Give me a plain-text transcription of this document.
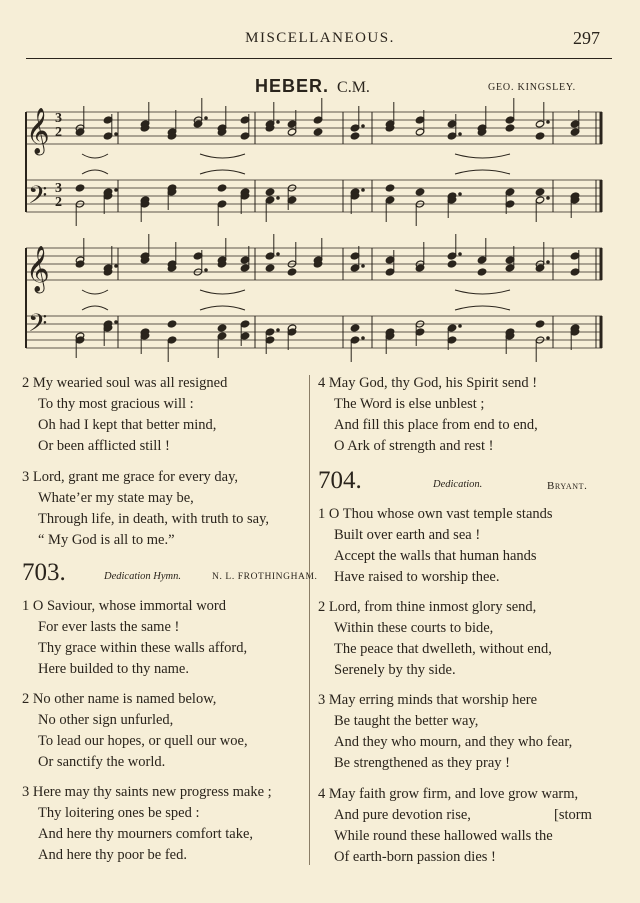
MISCELLANEOUS.	297
HEBER. C.M.	GEO. KINGSLEY.
𝄞
𝄢
𝄞
𝄢
3
2
3
2
2 My wearied soul was all resigned
To thy most gracious will :
Oh had I kept that better mind,
Or been afflicted still !
3 Lord, grant me grace for every day,
Whate’er my state may be,
Through life, in death, with truth to say,
“ My God is all to me.”
703.	Dedication Hymn.	N. L. FROTHINGHAM.
1 O Saviour, whose immortal word
For ever lasts the same !
Thy grace within these walls afford,
Here builded to thy name.
2 No other name is named below,
No other sign unfurled,
To lead our hopes, or quell our woe,
Or sanctify the world.
3 Here may thy saints new progress make ;
Thy loitering ones be sped :
And here thy mourners comfort take,
And here thy poor be fed.
4 May God, thy God, his Spirit send !
The Word is else unblest ;
And fill this place from end to end,
O Ark of strength and rest !
704.	Dedication.	Bryant.
1 O Thou whose own vast temple stands
Built over earth and sea !
Accept the walls that human hands
Have raised to worship thee.
2 Lord, from thine inmost glory send,
Within these courts to bide,
The peace that dwelleth, without end,
Serenely by thy side.
3 May erring minds that worship here
Be taught the better way,
And they who mourn, and they who fear,
Be strengthened as they pray !
4 May faith grow firm, and love grow warm,
And pure devotion rise,	[storm
While round these hallowed walls the
Of earth-born passion dies !
